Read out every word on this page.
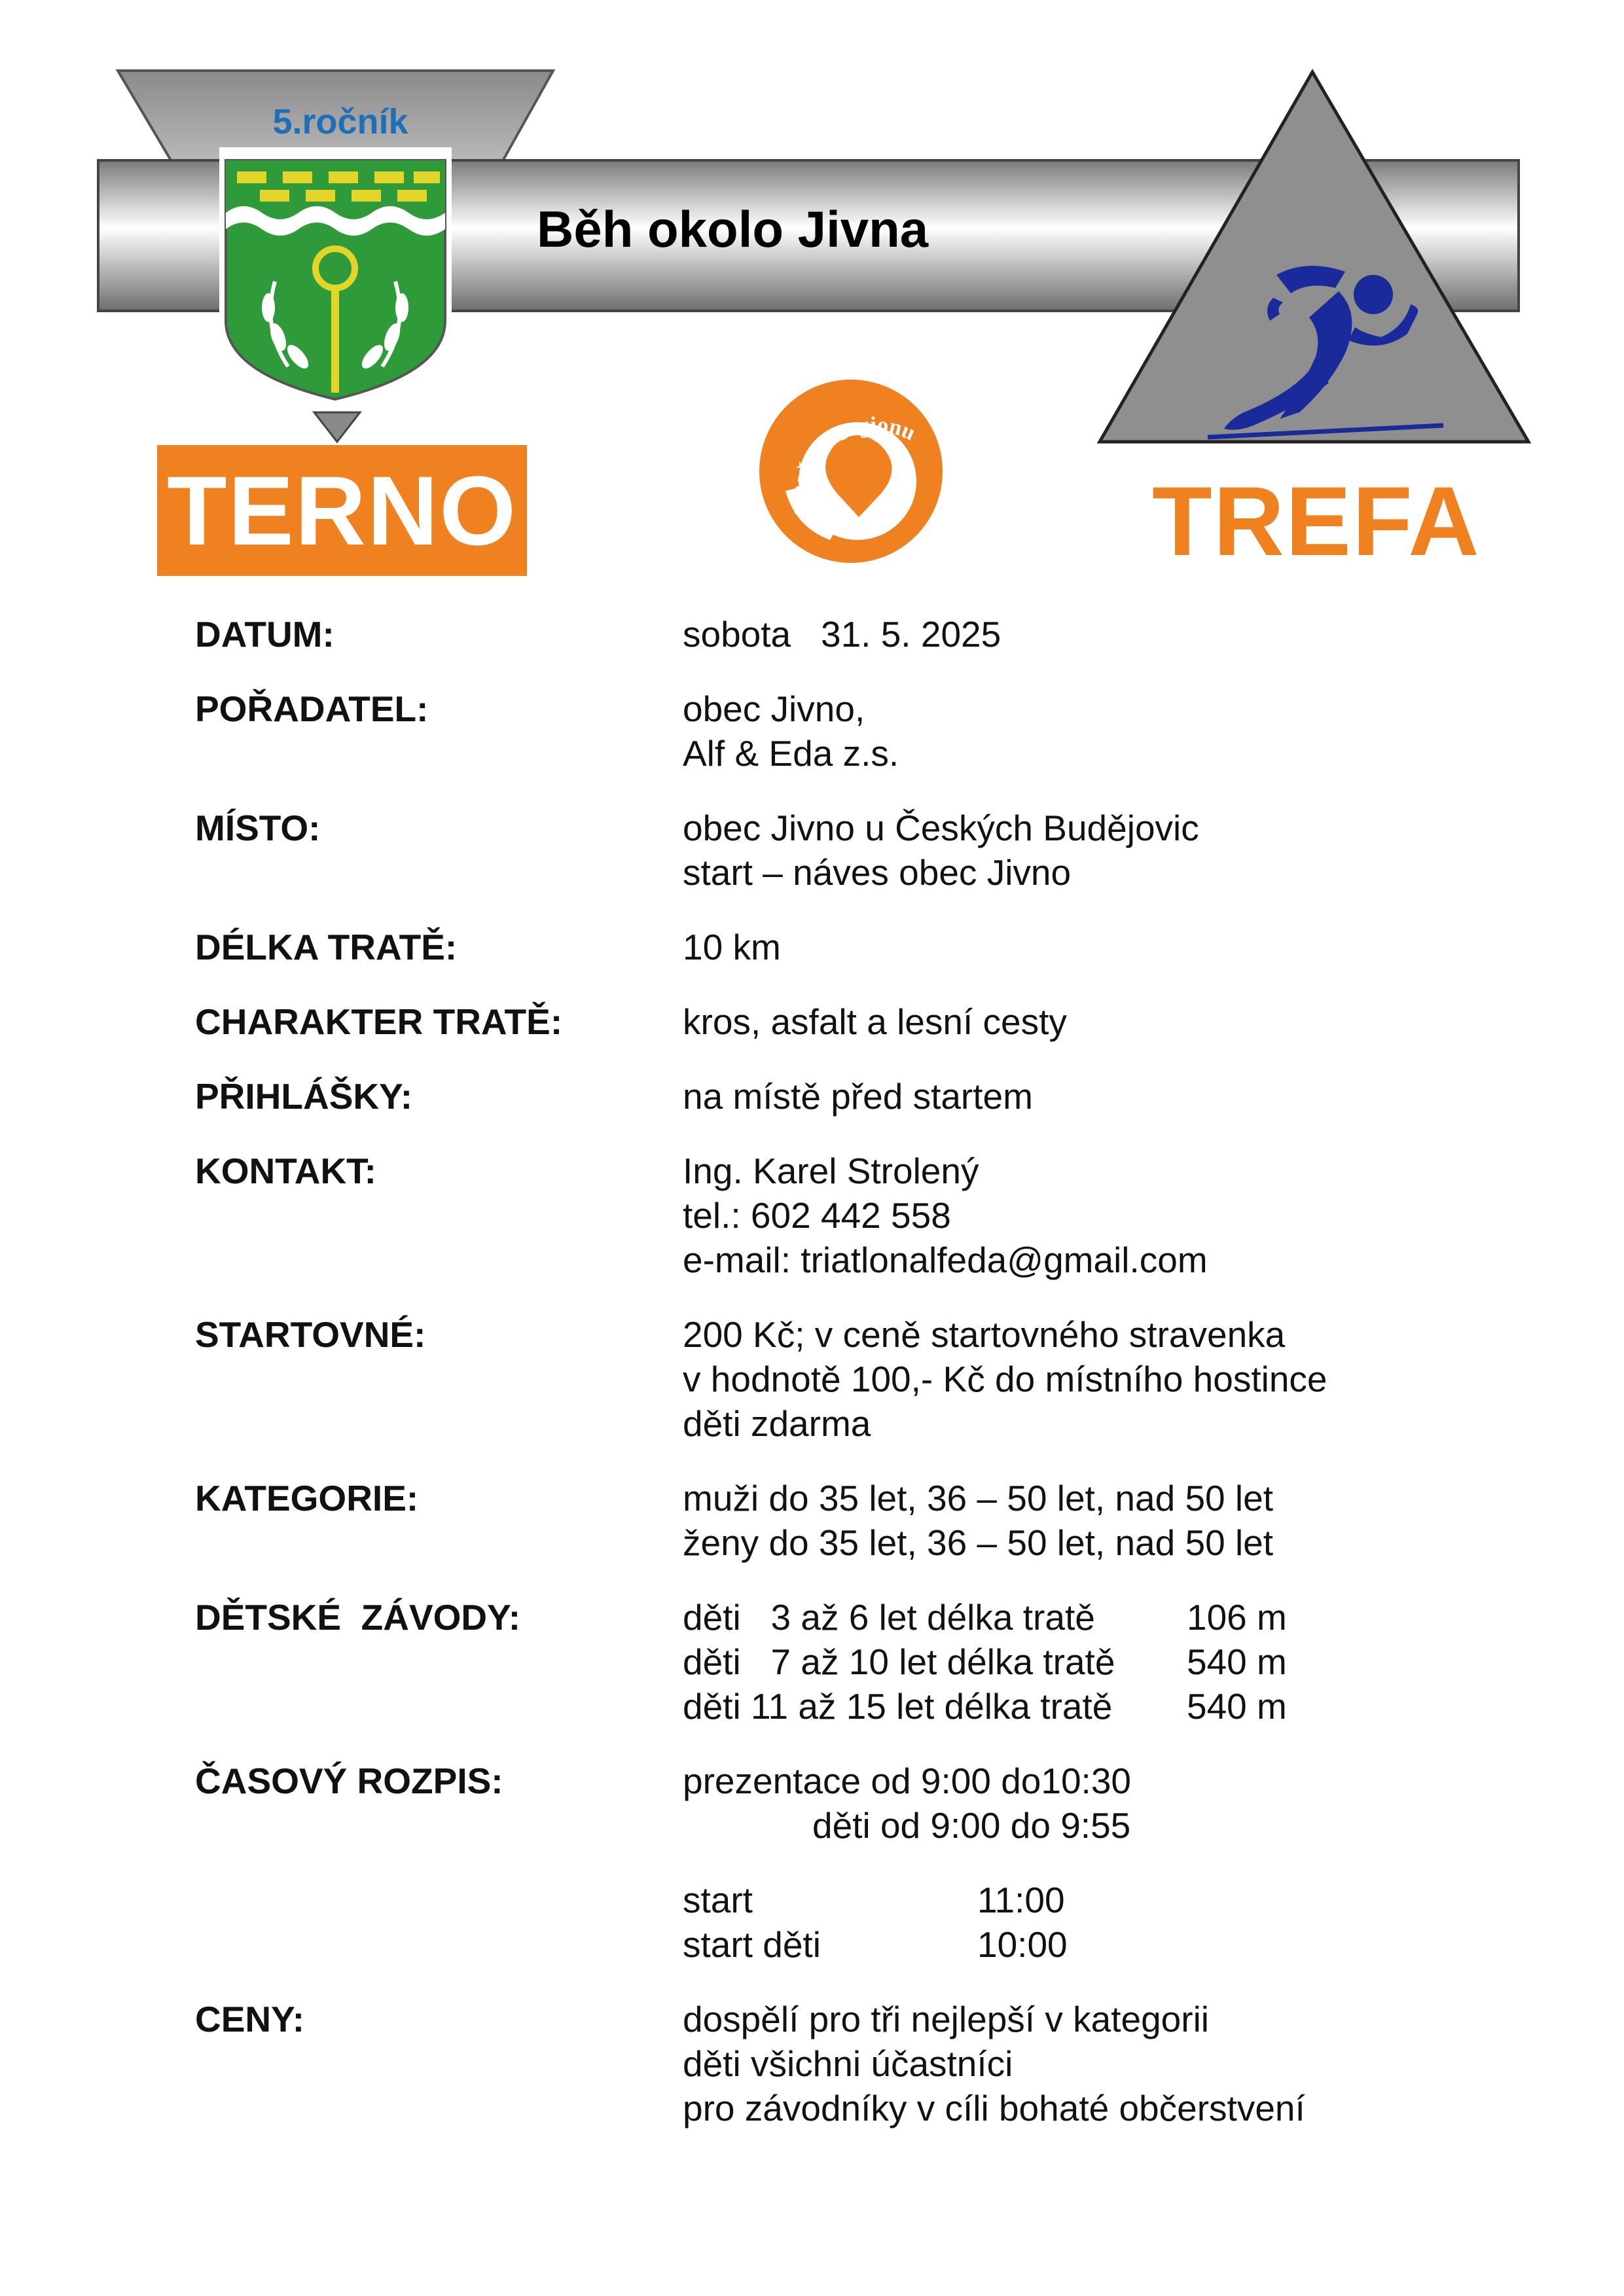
5.ročník
Běh okolo Jivna
TERNO	z našeho regionu
TREFA
DATUM:	sobota   31. 5. 2025
POŘADATEL:	obec Jivno,
Alf & Eda z.s.
MÍSTO:	obec Jivno u Českých Budějovic
start – náves obec Jivno
DÉLKA TRATĚ:	10 km
CHARAKTER TRATĚ:	kros, asfalt a lesní cesty
PŘIHLÁŠKY:	na místě před startem
KONTAKT:	Ing. Karel Strolený
tel.: 602 442 558
e-mail: triatlonalfeda@gmail.com
STARTOVNÉ:	200 Kč; v ceně startovného stravenka
v hodnotě 100,- Kč do místního hostince
děti zdarma
KATEGORIE:	muži do 35 let, 36 – 50 let, nad 50 let
ženy do 35 let, 36 – 50 let, nad 50 let
DĚTSKÉ  ZÁVODY:	děti   3 až 6 let délka tratě	106 m
děti   7 až 10 let délka tratě	540 m
děti 11 až 15 let délka tratě	540 m
ČASOVÝ ROZPIS:	prezentace od 9:00 do10:30
děti od 9:00 do 9:55
start	11:00
start děti	10:00
CENY:	dospělí pro tři nejlepší v kategorii
děti všichni účastníci
pro závodníky v cíli bohaté občerstvení
